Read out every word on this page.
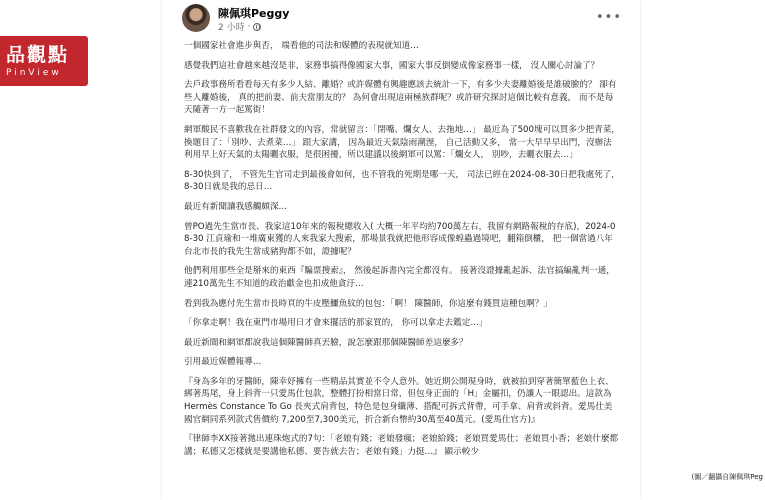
品觀點
PinView
陳佩琪Peggy
2 小時 ·
•••

一個國家社會進步與否， 端看他的司法和媒體的表現就知道…

感覺我們這社會越來越沒是非，家務事搞得像國家大事，國家大事反倒變成像家務事一樣， 沒人關心討論了？

去戶政事務所看看每天有多少人結、離婚？或許媒體有興趣應該去統計一下，有多少夫妻離婚後是誰破臉的？ 卻有些人離婚後， 真的把前妻、前夫當朋友的？ 為何會出現這兩極族群呢？或許研究探討這個比較有意義， 而不是每天隨著一方一起罵街！

網軍酸民不喜歡我在社群發文的內容，常就留言：「閉嘴、爛女人、去拖地…」 最近為了500塊可以買多少把青菜，換題目了：「別吵、去煮菜…」 跟大家講， 因為最近天氣陰雨潮溼， 自己活動又多， 常一大早早早出門，沒辦法利用早上好天氣的太陽曬衣服，是很困擾，所以建議以後網軍可以罵：「爛女人， 別吵，去曬衣服去…」

8-30快到了， 不管先生官司走到最後會如何，也不管我的死期是哪一天， 司法已經在2024-08-30日把我處死了，8-30日就是我的忌日…

最近有新聞讓我感觸頗深…

曾PO過先生當市長、我家這10年來的報稅總收入( 大概一年平均約700萬左右，我留有網路報稅的存底)，2024-08-30 江貞瑜和一堆廣東獲的人來我家大搜索，那場景我就把他形容成像蝗蟲過境吧，翻箱倒櫃， 把一個當過八年台北市長的我先生當成豬狗都不如，證據呢？

他們利用那些全是掰來的東西『騙票搜索』， 然後起訴書內完全都沒有。 接著沒證據亂起訴、法官搞編亂判一通， 連210萬先生不知道的政治獻金也扣成他貪汙…

看到我為應付先生當市長時頁的牛皮壓鱷魚紋的包包：「啊！ 陳醫師，你這麼有錢買這種包啊？」

「你拿走啊！我在東門市場用日才會來擺活的那家買的， 你可以拿走去鑑定…」

最近新聞和網軍都說我這個陳醫師真丟臉，說怎麼跟那個陳醫師差這麼多？

引用最近媒體報導…

『身為多年的牙醫師，陳幸妤擁有一些精品其實並不令人意外。她近期公開現身時，就被拍到穿著簡單藍色上衣、綁著馬尾，身上斜背一只愛馬仕包款，整體打扮相當日常，但包身正面的「H」金屬扣，仍讓人一眼認出。這款為 Hermès Constance To Go 長夾式肩背包，特色是包身纖薄、搭配可拆式背帶，可手拿、肩背或斜背。愛馬仕美國官網同系列款式售價約 7,200至7,300美元，折合新台幣約30萬至40萬元。(愛馬仕官方)』

『律師李XX接著拋出連珠炮式的7句：「老娘有錢；老娘發瘋；老娘給錢；老娘買愛馬仕；老娘買小香；老娘什麼都講；私德又怎樣就是要講他私德、要告就去告；老娘有錢」力挺…』 顯示較少

(圖／翻攝自陳佩琪Peg
